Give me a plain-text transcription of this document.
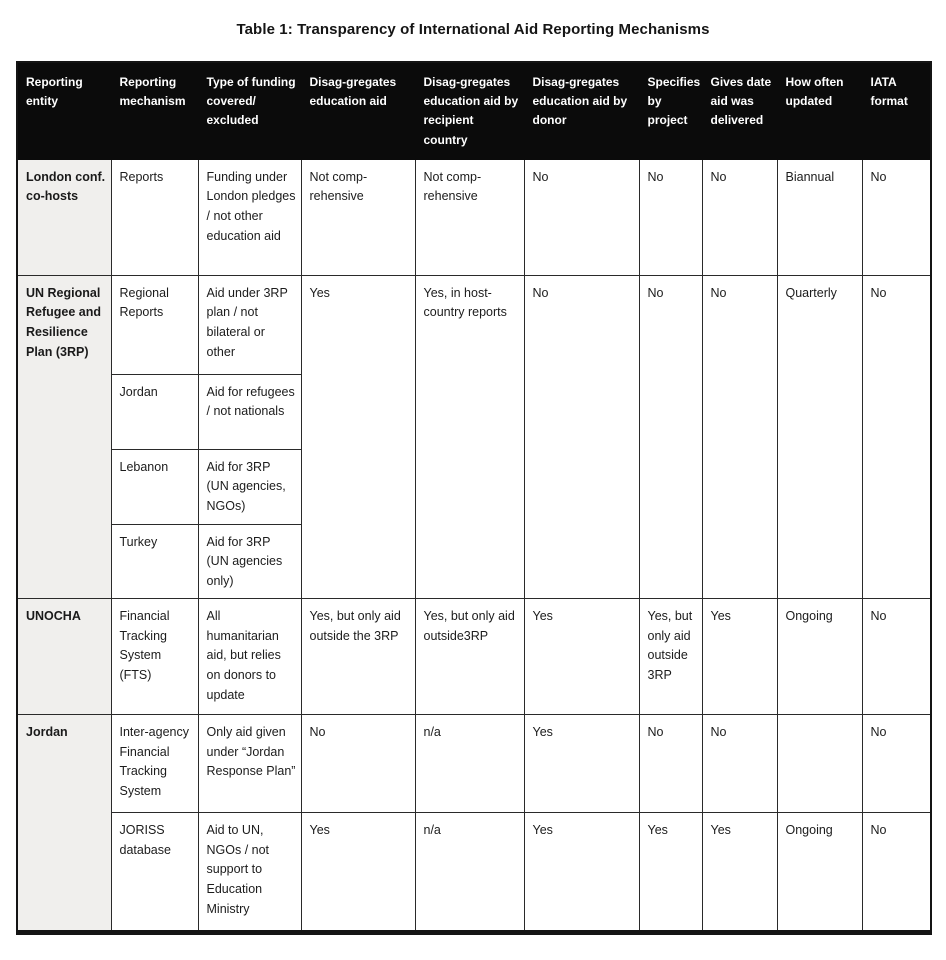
Table 1: Transparency of International Aid Reporting Mechanisms
Reporting entity	Reporting mechanism	Type of funding covered/ excluded	Disag-gregates education aid	Disag-gregates education aid by recipient country	Disag-gregates education aid by donor	Specifies by project	Gives date aid was delivered	How often updated	IATA format
London conf. co-hosts	Reports	Funding under London pledges / not other education aid	Not comp-rehensive	Not comp-rehensive	No	No	No	Biannual	No
UN Regional Refugee and Resilience Plan (3RP)	Regional Reports	Aid under 3RP plan / not bilateral or other	Yes	Yes, in host-country reports	No	No	No	Quarterly	No
	Jordan	Aid for refugees / not nationals							
	Lebanon	Aid for 3RP (UN agencies, NGOs)							
	Turkey	Aid for 3RP (UN agencies only)							
UNOCHA	Financial Tracking System (FTS)	All humanitarian aid, but relies on donors to update	Yes, but only aid outside the 3RP	Yes, but only aid outside3RP	Yes	Yes, but only aid outside 3RP	Yes	Ongoing	No
Jordan	Inter-agency Financial Tracking System	Only aid given under “Jordan Response Plan”	No	n/a	Yes	No	No		No
	JORISS database	Aid to UN, NGOs / not support to Education Ministry	Yes	n/a	Yes	Yes	Yes	Ongoing	No
